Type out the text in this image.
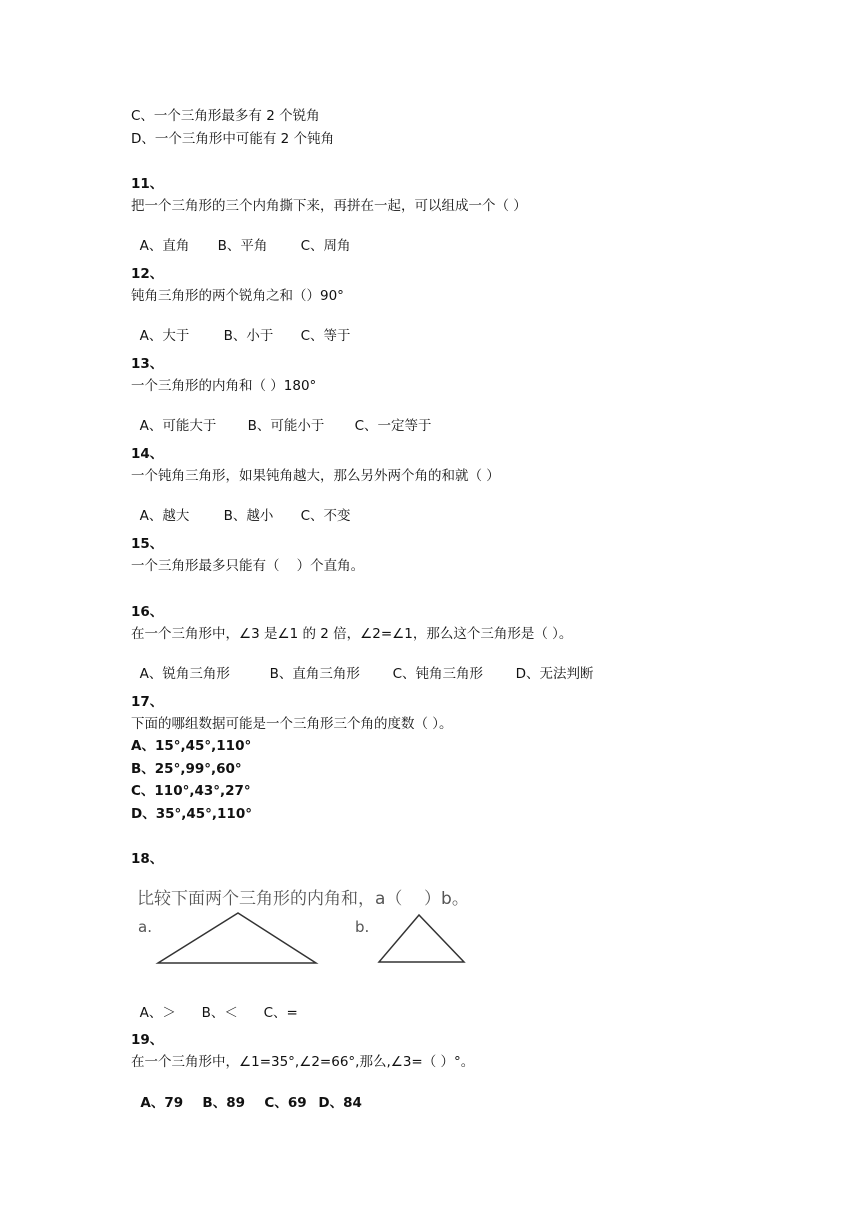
C、一个三角形最多有 2 个锐角
D、一个三角形中可能有 2 个钝角
11、
把一个三角形的三个内角撕下来，再拼在一起，可以组成一个（ ）

A、直角 B、平角 C、周角

12、
钝角三角形的两个锐角之和（）90°

A、大于	B、小于 C、等于

13、
一个三角形的内角和（ ）180°

A、可能大于 B、可能小于 C、一定等于

14、
一个钝角三角形，如果钝角越大，那么另外两个角的和就（ ）

A、越大	B、越小 C、不变

15、
一个三角形最多只能有（    ）个直角。
16、
在一个三角形中，∠3 是∠1 的 2 倍，∠2=∠1，那么这个三角形是（ ）。

A、锐角三角形	B、直角三角形 C、钝角三角形 D、无法判断

17、
下面的哪组数据可能是一个三角形三个角的度数（ ）。
A、15°,45°,110°
B、25°,99°,60°
C、110°,43°,27°
D、35°,45°,110°
18、
比较下面两个三角形的内角和，a（    ）b。
a.	b.

A、＞ B、＜ C、=

19、
在一个三角形中，∠1=35°,∠2=66°,那么,∠3=（ ）°。

A、79 B、89 C、69 D、84
